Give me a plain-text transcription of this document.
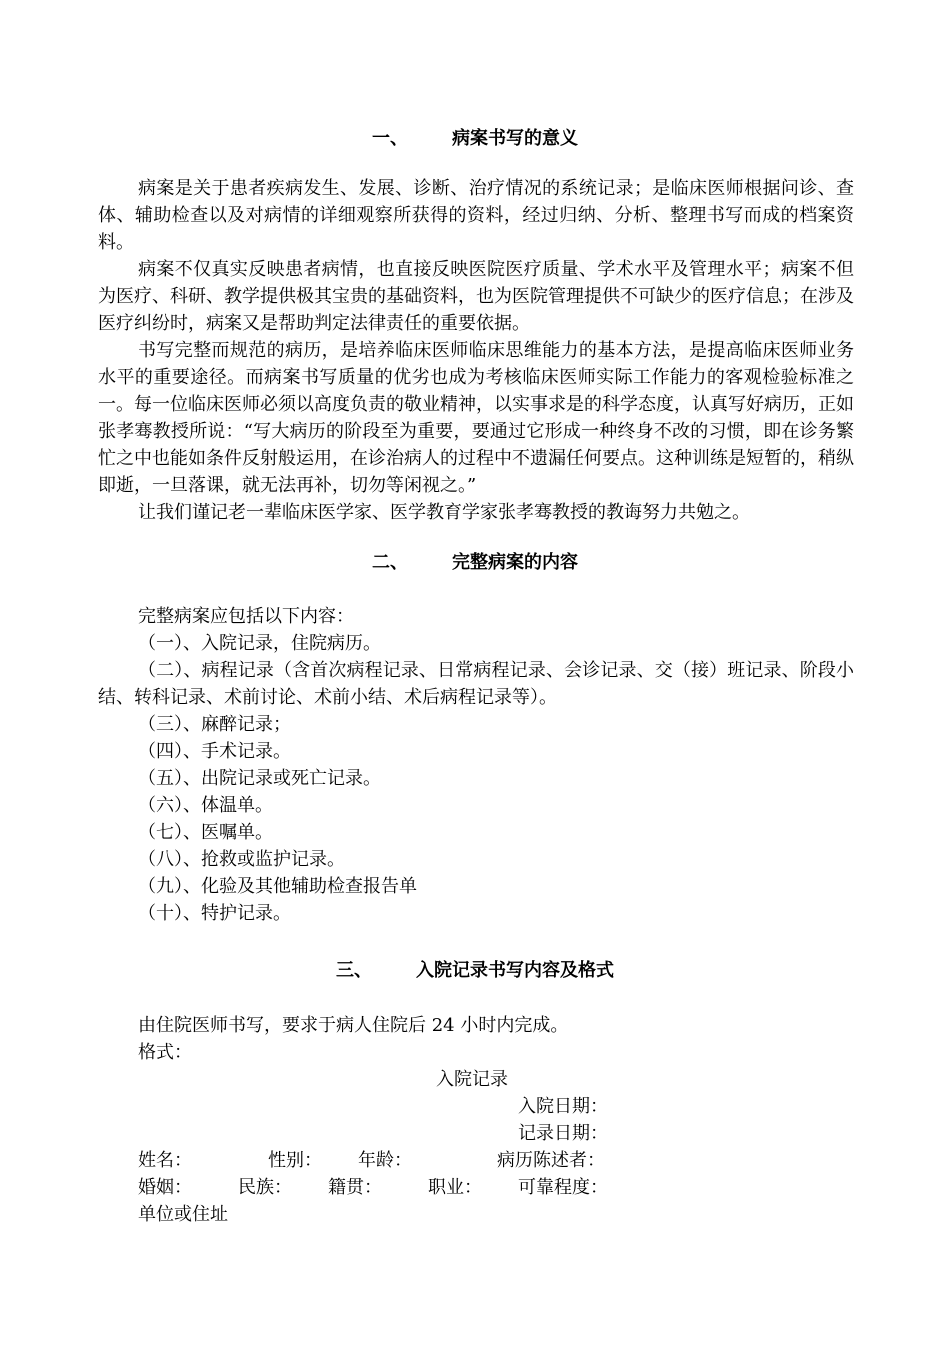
一、 病案书写的意义

病案是关于患者疾病发生、发展、诊断、治疗情况的系统记录；是临床医师根据问诊、查体、辅助检查以及对病情的详细观察所获得的资料，经过归纳、分析、整理书写而成的档案资料。

病案不仅真实反映患者病情，也直接反映医院医疗质量、学术水平及管理水平；病案不但为医疗、科研、教学提供极其宝贵的基础资料，也为医院管理提供不可缺少的医疗信息；在涉及医疗纠纷时，病案又是帮助判定法律责任的重要依据。

书写完整而规范的病历，是培养临床医师临床思维能力的基本方法，是提高临床医师业务水平的重要途径。而病案书写质量的优劣也成为考核临床医师实际工作能力的客观检验标准之一。每一位临床医师必须以高度负责的敬业精神，以实事求是的科学态度，认真写好病历，正如张孝骞教授所说：“写大病历的阶段至为重要，要通过它形成一种终身不改的习惯，即在诊务繁忙之中也能如条件反射般运用，在诊治病人的过程中不遗漏任何要点。这种训练是短暂的，稍纵即逝，一旦落课，就无法再补，切勿等闲视之。”

让我们谨记老一辈临床医学家、医学教育学家张孝骞教授的教诲努力共勉之。

二、 完整病案的内容
完整病案应包括以下内容：
（一）、入院记录，住院病历。
（二）、病程记录（含首次病程记录、日常病程记录、会诊记录、交（接）班记录、阶段小结、转科记录、术前讨论、术前小结、术后病程记录等）。
（三）、麻醉记录；
（四）、手术记录。
（五）、出院记录或死亡记录。
（六）、体温单。
（七）、医嘱单。
（八）、抢救或监护记录。
（九）、化验及其他辅助检查报告单
（十）、特护记录。
三、 入院记录书写内容及格式
由住院医师书写，要求于病人住院后 24 小时内完成。
格式：
入院记录
入院日期：
记录日期：
姓名：	性别： 年龄：	病历陈述者：
婚姻：	民族： 籍贯：	职业： 可靠程度：
单位或住址
